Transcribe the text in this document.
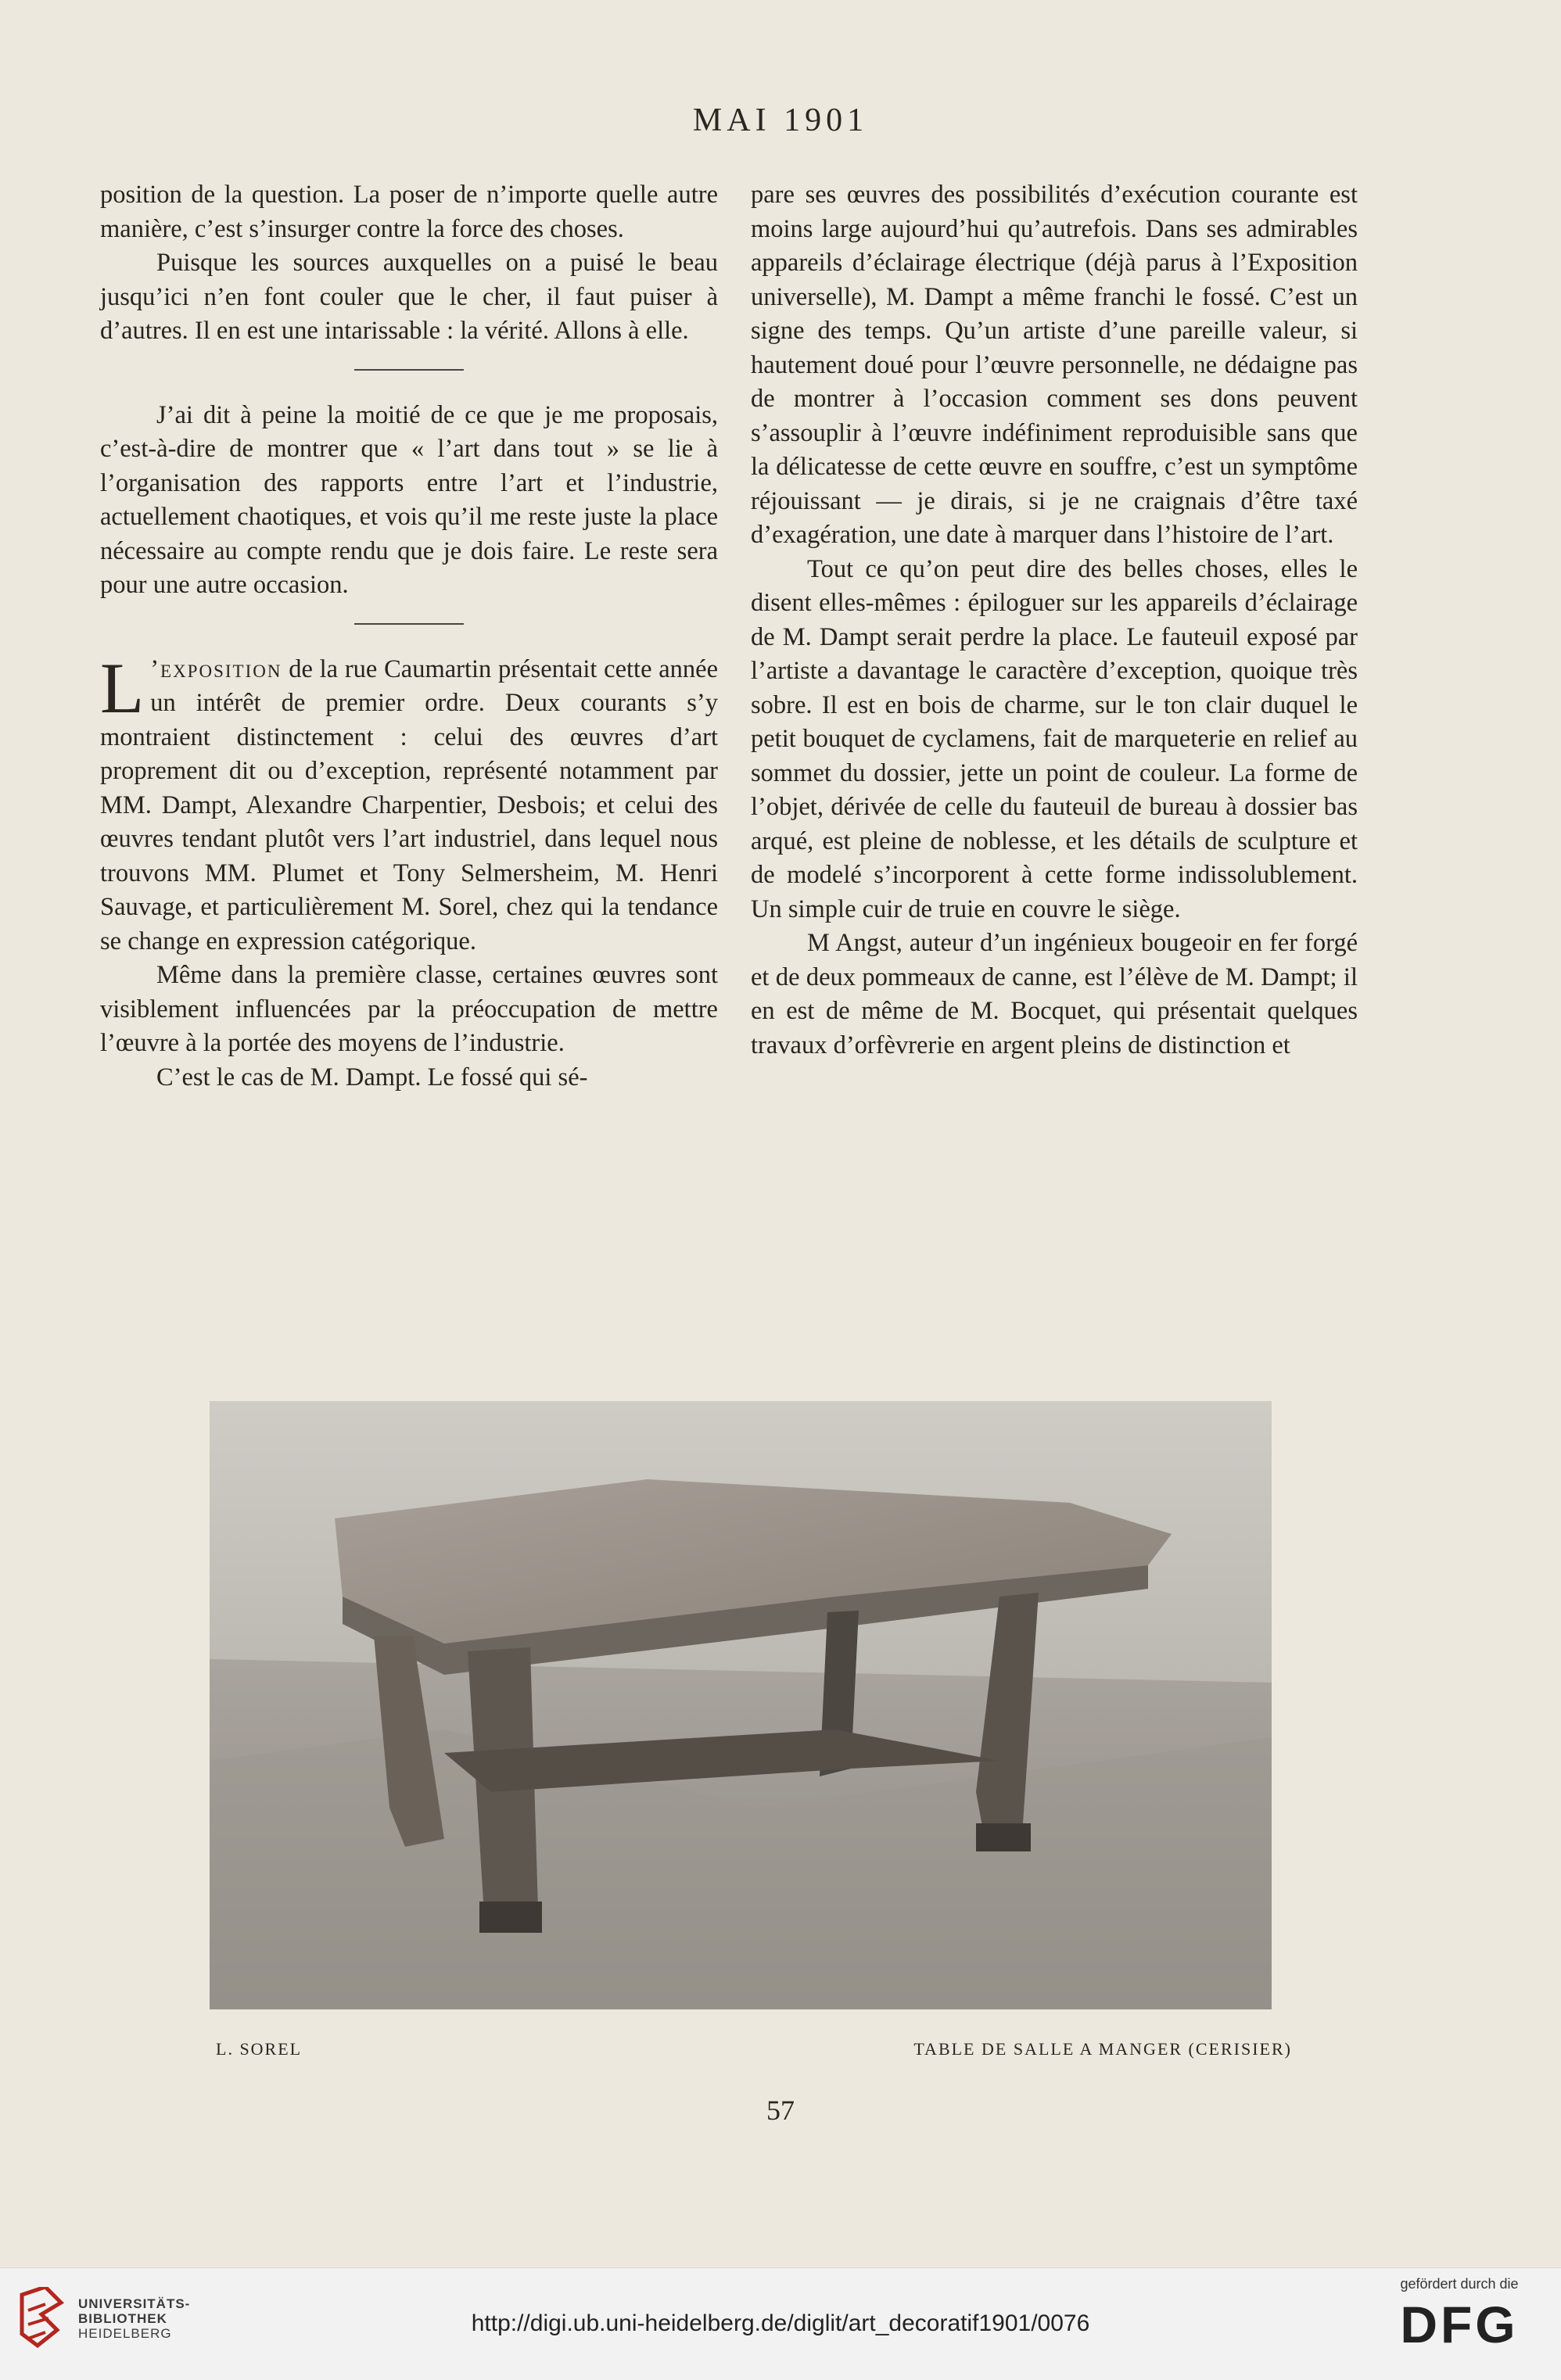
MAI 1901

position de la question. La poser de n’importe quelle autre manière, c’est s’insurger contre la force des choses.

Puisque les sources auxquelles on a puisé le beau jusqu’ici n’en font couler que le cher, il faut puiser à d’autres. Il en est une intarissable : la vérité. Allons à elle.

J’ai dit à peine la moitié de ce que je me proposais, c’est-à-dire de montrer que « l’art dans tout » se lie à l’organisation des rapports entre l’art et l’industrie, actuellement chaotiques, et vois qu’il me reste juste la place nécessaire au compte rendu que je dois faire. Le reste sera pour une autre occasion.

L ’exposition de la rue Caumartin présentait cette année un intérêt de premier ordre. Deux courants s’y montraient distinctement : celui des œuvres d’art proprement dit ou d’exception, représenté notamment par MM. Dampt, Alexandre Charpentier, Desbois; et celui des œuvres tendant plutôt vers l’art industriel, dans lequel nous trouvons MM. Plumet et Tony Selmersheim, M. Henri Sauvage, et particulièrement M. Sorel, chez qui la tendance se change en expression catégorique.

Même dans la première classe, certaines œuvres sont visiblement influencées par la préoccupation de mettre l’œuvre à la portée des moyens de l’industrie.

C’est le cas de M. Dampt. Le fossé qui sé-

pare ses œuvres des possibilités d’exécution courante est moins large aujourd’hui qu’autrefois. Dans ses admirables appareils d’éclairage électrique (déjà parus à l’Exposition universelle), M. Dampt a même franchi le fossé. C’est un signe des temps. Qu’un artiste d’une pareille valeur, si hautement doué pour l’œuvre personnelle, ne dédaigne pas de montrer à l’occasion comment ses dons peuvent s’assouplir à l’œuvre indéfiniment reproduisible sans que la délicatesse de cette œuvre en souffre, c’est un symptôme réjouissant — je dirais, si je ne craignais d’être taxé d’exagération, une date à marquer dans l’histoire de l’art.

Tout ce qu’on peut dire des belles choses, elles le disent elles-mêmes : épiloguer sur les appareils d’éclairage de M. Dampt serait perdre la place. Le fauteuil exposé par l’artiste a davantage le caractère d’exception, quoique très sobre. Il est en bois de charme, sur le ton clair duquel le petit bouquet de cyclamens, fait de marqueterie en relief au sommet du dossier, jette un point de couleur. La forme de l’objet, dérivée de celle du fauteuil de bureau à dossier bas arqué, est pleine de noblesse, et les détails de sculpture et de modelé s’incorporent à cette forme indissolublement. Un simple cuir de truie en couvre le siège.

M Angst, auteur d’un ingénieux bougeoir en fer forgé et de deux pommeaux de canne, est l’élève de M. Dampt; il en est de même de M. Bocquet, qui présentait quelques travaux d’orfèvrerie en argent pleins de distinction et

L. SOREL	TABLE DE SALLE A MANGER (CERISIER)
57
UNIVERSITÄTS-
BIBLIOTHEK
HEIDELBERG	http://digi.ub.uni-heidelberg.de/diglit/art_decoratif1901/0076
gefördert durch die
DFG
